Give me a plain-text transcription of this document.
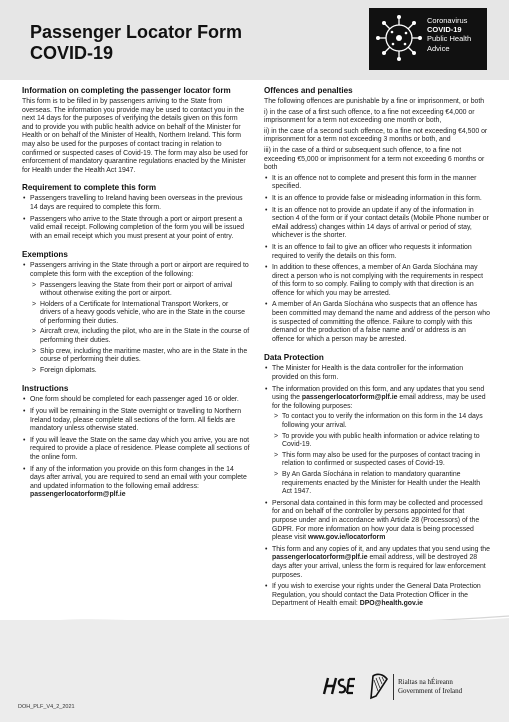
Passenger Locator Form
COVID-19
Coronavirus
COVID-19
Public Health
Advice
Information on completing the passenger locator form

This form is to be filled in by passengers arriving to the State from overseas. The information you provide may be used to contact you in the next 14 days for the purposes of verifying the details given on this form and to provide you with public health advice on behalf of the Minister for Health or on behalf of the Minister of Health, Northern Ireland. This form may also be used for the purposes of contact tracing in relation to confirmed or suspected cases of Covid-19. The form may also be used for enforcement of mandatory quarantine regulations enacted by the Minister for Health under the Health Act 1947.

Requirement to complete this form
• Passengers travelling to Ireland having been overseas in the previous 14 days are required to complete this form.
• Passengers who arrive to the State through a port or airport present a valid email receipt. Following completion of the form you will be issued with an email receipt which you must present at your point of entry.
Exemptions
• Passengers arriving in the State through a port or airport are required to complete this form with the exception of the following:
> Passengers leaving the State from their port or airport of arrival without otherwise exiting the port or airport.
> Holders of a Certificate for International Transport Workers, or drivers of a heavy goods vehicle, who are in the State in the course of performing their duties.
> Aircraft crew, including the pilot, who are in the State in the course of performing their duties.
> Ship crew, including the maritime master, who are in the State in the course of performing their duties.
> Foreign diplomats.
Instructions
• One form should be completed for each passenger aged 16 or older.
• If you will be remaining in the State overnight or travelling to Northern Ireland today, please complete all sections of the form. All fields are mandatory unless otherwise stated.
• If you will leave the State on the same day which you arrive, you are not required to provide a place of residence. Please complete all sections of the online form.
• If any of the information you provide on this form changes in the 14 days after arrival, you are required to send an email with your complete and updated information to the following email address: passengerlocatorform@plf.ie
Offences and penalties

The following offences are punishable by a fine or imprisonment, or both

i) in the case of a first such offence, to a fine not exceeding €4,000 or imprisonment for a term not exceeding one month or both,

ii) in the case of a second such offence, to a fine not exceeding €4,500 or imprisonment for a term not exceeding 3 months or both, and

iii) in the case of a third or subsequent such offence, to a fine not exceeding €5,000 or imprisonment for a term not exceeding 6 months or both

• It is an offence not to complete and present this form in the manner specified.
• It is an offence to provide false or misleading information in this form.
• It is an offence not to provide an update if any of the information in section 4 of the form or if your contact details (Mobile Phone number or eMail address) changes within 14 days of arrival or period of stay, whichever is the shorter.
• It is an offence to fail to give an officer who requests it information required to verify the details on this form.
• In addition to these offences, a member of An Garda Síochána may direct a person who is not complying with the requirements in respect of this form to so comply. Failing to comply with that direction is an offence for which you may be arrested.
• A member of An Garda Síochána who suspects that an offence has been committed may demand the name and address of the person who is suspected of committing the offence. Failure to comply with this demand or the production of a false name and/ or address is an offence for which a person may be arrested.
Data Protection
• The Minister for Health is the data controller for the information provided on this form.
• The information provided on this form, and any updates that you send using the passengerlocatorform@plf.ie email address, may be used for the following purposes:
> To contact you to verify the information on this form in the 14 days following your arrival.
> To provide you with public health information or advice relating to Covid-19.
> This form may also be used for the purposes of contact tracing in relation to confirmed or suspected cases of Covid-19.
> By An Garda Síochána in relation to mandatory quarantine requirements enacted by the Minister for Health under the Health Act 1947.
• Personal data contained in this form may be collected and processed for and on behalf of the controller by persons appointed for that purpose under and in accordance with Article 28 (Processors) of the GDPR. For more information on how your data is being processed please visit www.gov.ie/locatorform
• This form and any copies of it, and any updates that you send using the passengerlocatorform@plf.ie email address, will be destroyed 28 days after your arrival, unless the form is required for law enforcement purposes.
• If you wish to exercise your rights under the General Data Protection Regulation, you should contact the Data Protection Officer in the Department of Health email: DPO@health.gov.ie
Rialtas na hÉireann
Government of Ireland
DOH_PLF_V4_2_2021
